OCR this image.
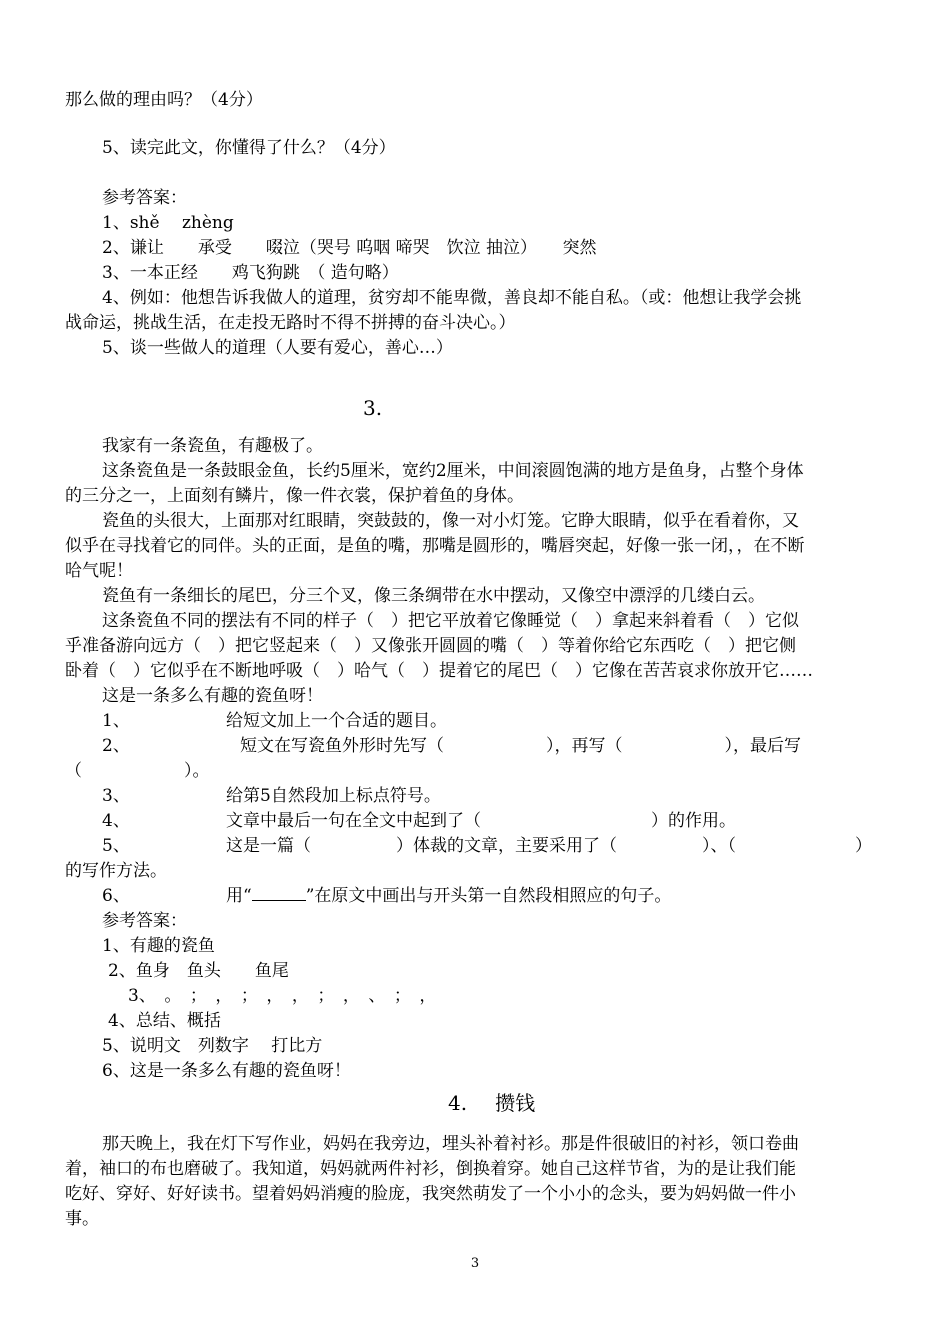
那么做的理由吗？（4分）
5、读完此文，你懂得了什么？（4分）
参考答案：
1、shě　 zhèng
2、谦让　　承受　　啜泣（哭号 呜咽 啼哭　饮泣 抽泣）　　突然
3、一本正经　　鸡飞狗跳　（ 造句略）
4、例如：他想告诉我做人的道理，贫穷却不能卑微，善良却不能自私。（或：他想让我学会挑
战命运，挑战生活，在走投无路时不得不拼搏的奋斗决心。）
5、谈一些做人的道理（人要有爱心，善心…）
3.
我家有一条瓷鱼，有趣极了。
这条瓷鱼是一条鼓眼金鱼，长约5厘米，宽约2厘米，中间滚圆饱满的地方是鱼身，占整个身体
的三分之一，上面刻有鳞片，像一件衣裳，保护着鱼的身体。
瓷鱼的头很大，上面那对红眼睛，突鼓鼓的，像一对小灯笼。它睁大眼睛，似乎在看着你，又
似乎在寻找着它的同伴。头的正面，是鱼的嘴，那嘴是圆形的，嘴唇突起，好像一张一闭，，在不断
哈气呢！
瓷鱼有一条细长的尾巴，分三个叉，像三条绸带在水中摆动，又像空中漂浮的几缕白云。
这条瓷鱼不同的摆法有不同的样子（　）把它平放着它像睡觉（　）拿起来斜着看（　）它似
乎准备游向远方（　）把它竖起来（　）又像张开圆圆的嘴（　）等着你给它东西吃（　）把它侧
卧着（　）它似乎在不断地呼吸（　）哈气（　）提着它的尾巴（　）它像在苦苦哀求你放开它……
这是一条多么有趣的瓷鱼呀！
1、	给短文加上一个合适的题目。
2、	短文在写瓷鱼外形时先写（　　　　　　），再写（　　　　　　），最后写
（　　　　　　）。
3、	给第5自然段加上标点符号。
4、	文章中最后一句在全文中起到了（　　　　　　　　　　）的作用。
5、	这是一篇（　　　　　）体裁的文章，主要采用了（　　　　　）、（　　　　　　　）
的写作方法。
6、	用“	”在原文中画出与开头第一自然段相照应的句子。
参考答案：
1、有趣的瓷鱼
2、鱼身　鱼头　　鱼尾
3、　。　；　，　；　，　，　；　，　、　；　，
4、总结、概括
5、说明文　列数字　 打比方
6、这是一条多么有趣的瓷鱼呀！
4. 攒钱
那天晚上，我在灯下写作业，妈妈在我旁边，埋头补着衬衫。那是件很破旧的衬衫，领口卷曲
着，袖口的布也磨破了。我知道，妈妈就两件衬衫，倒换着穿。她自己这样节省，为的是让我们能
吃好、穿好、好好读书。望着妈妈消瘦的脸庞，我突然萌发了一个小小的念头，要为妈妈做一件小
事。
3
